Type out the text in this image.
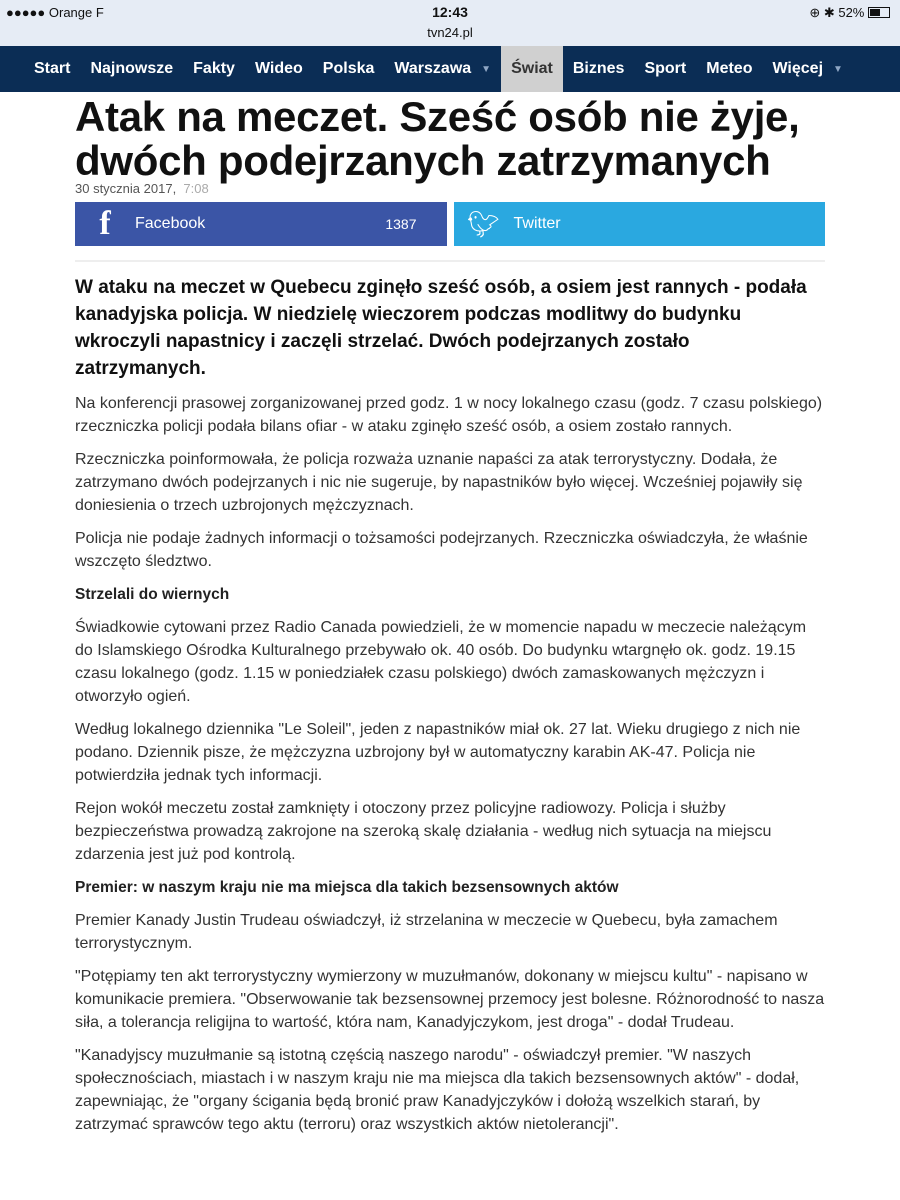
●●●●● Orange F	12:43
tvn24.pl
⊕ ✱ 52%
Start	Najnowsze	Fakty	Wideo	Polska	Warszawa ▼	Świat	Biznes	Sport	Meteo	Więcej ▼
Atak na meczet. Sześć osób nie żyje, dwóch podejrzanych zatrzymanych
30 stycznia 2017, 7:08
f	Facebook	1387	🐦︎ Twitter
W ataku na meczet w Quebecu zginęło sześć osób, a osiem jest rannych - podała kanadyjska policja. W niedzielę wieczorem podczas modlitwy do budynku wkroczyli napastnicy i zaczęli strzelać. Dwóch podejrzanych zostało zatrzymanych.

Na konferencji prasowej zorganizowanej przed godz. 1 w nocy lokalnego czasu (godz. 7 czasu polskiego) rzeczniczka policji podała bilans ofiar - w ataku zginęło sześć osób, a osiem zostało rannych.

Rzeczniczka poinformowała, że policja rozważa uznanie napaści za atak terrorystyczny. Dodała, że zatrzymano dwóch podejrzanych i nic nie sugeruje, by napastników było więcej. Wcześniej pojawiły się doniesienia o trzech uzbrojonych mężczyznach.

Policja nie podaje żadnych informacji o tożsamości podejrzanych. Rzeczniczka oświadczyła, że właśnie wszczęto śledztwo.

Strzelali do wiernych

Świadkowie cytowani przez Radio Canada powiedzieli, że w momencie napadu w meczecie należącym do Islamskiego Ośrodka Kulturalnego przebywało ok. 40 osób. Do budynku wtargnęło ok. godz. 19.15 czasu lokalnego (godz. 1.15 w poniedziałek czasu polskiego) dwóch zamaskowanych mężczyzn i otworzyło ogień.

Według lokalnego dziennika "Le Soleil", jeden z napastników miał ok. 27 lat. Wieku drugiego z nich nie podano. Dziennik pisze, że mężczyzna uzbrojony był w automatyczny karabin AK-47. Policja nie potwierdziła jednak tych informacji.

Rejon wokół meczetu został zamknięty i otoczony przez policyjne radiowozy. Policja i służby bezpieczeństwa prowadzą zakrojone na szeroką skalę działania - według nich sytuacja na miejscu zdarzenia jest już pod kontrolą.

Premier: w naszym kraju nie ma miejsca dla takich bezsensownych aktów

Premier Kanady Justin Trudeau oświadczył, iż strzelanina w meczecie w Quebecu, była zamachem terrorystycznym.

"Potępiamy ten akt terrorystyczny wymierzony w muzułmanów, dokonany w miejscu kultu" - napisano w komunikacie premiera. "Obserwowanie tak bezsensownej przemocy jest bolesne. Różnorodność to nasza siła, a tolerancja religijna to wartość, która nam, Kanadyjczykom, jest droga" - dodał Trudeau.

"Kanadyjscy muzułmanie są istotną częścią naszego narodu" - oświadczył premier. "W naszych społecznościach, miastach i w naszym kraju nie ma miejsca dla takich bezsensownych aktów" - dodał, zapewniając, że "organy ścigania będą bronić praw Kanadyjczyków i dołożą wszelkich starań, by zatrzymać sprawców tego aktu (terroru) oraz wszystkich aktów nietolerancji".
